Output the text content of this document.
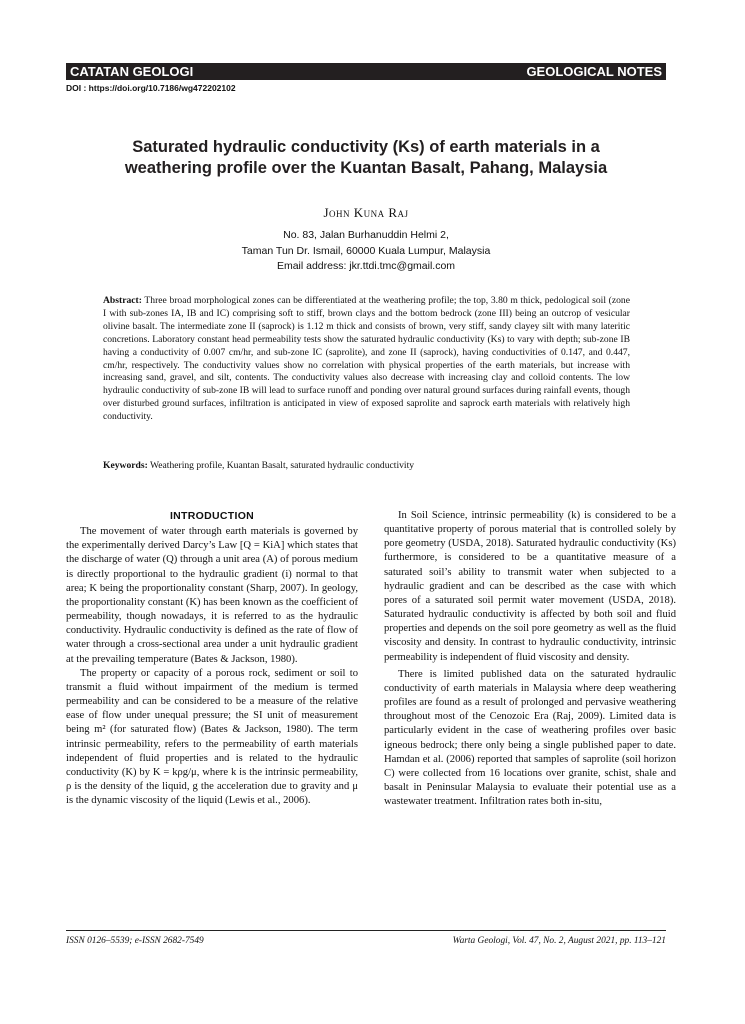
CATATAN GEOLOGI	GEOLOGICAL NOTES
DOI : https://doi.org/10.7186/wg472202102
Saturated hydraulic conductivity (Ks) of earth materials in a
weathering profile over the Kuantan Basalt, Pahang, Malaysia
John Kuna Raj
No. 83, Jalan Burhanuddin Helmi 2,
Taman Tun Dr. Ismail, 60000 Kuala Lumpur, Malaysia
Email address: jkr.ttdi.tmc@gmail.com
Abstract: Three broad morphological zones can be differentiated at the weathering profile; the top, 3.80 m thick, pedological soil (zone I with sub-zones IA, IB and IC) comprising soft to stiff, brown clays and the bottom bedrock (zone III) being an outcrop of vesicular olivine basalt. The intermediate zone II (saprock) is 1.12 m thick and consists of brown, very stiff, sandy clayey silt with many lateritic concretions. Laboratory constant head permeability tests show the saturated hydraulic conductivity (Ks) to vary with depth; sub-zone IB having a conductivity of 0.007 cm/hr, and sub-zone IC (saprolite), and zone II (saprock), having conductivities of 0.147, and 0.447, cm/hr, respectively. The conductivity values show no correlation with physical properties of the earth materials, but increase with increasing sand, gravel, and silt, contents. The conductivity values also decrease with increasing clay and colloid contents. The low hydraulic conductivity of sub-zone IB will lead to surface runoff and ponding over natural ground surfaces during rainfall events, though over disturbed ground surfaces, infiltration is anticipated in view of exposed saprolite and saprock earth materials with relatively high conductivity.
Keywords: Weathering profile, Kuantan Basalt, saturated hydraulic conductivity
INTRODUCTION

The movement of water through earth materials is governed by the experimentally derived Darcy’s Law [Q = KiA] which states that the discharge of water (Q) through a unit area (A) of porous medium is directly proportional to the hydraulic gradient (i) normal to that area; K being the proportionality constant (Sharp, 2007). In geology, the proportionality constant (K) has been known as the coefficient of permeability, though nowadays, it is referred to as the hydraulic conductivity. Hydraulic conductivity is defined as the rate of flow of water through a cross-sectional area under a unit hydraulic gradient at the prevailing temperature (Bates & Jackson, 1980).

The property or capacity of a porous rock, sediment or soil to transmit a fluid without impairment of the medium is termed permeability and can be considered to be a measure of the relative ease of flow under unequal pressure; the SI unit of measurement being m² (for saturated flow) (Bates & Jackson, 1980). The term intrinsic permeability, refers to the permeability of earth materials independent of fluid properties and is related to the hydraulic conductivity (K) by K = kρg/μ, where k is the intrinsic permeability, ρ is the density of the liquid, g the acceleration due to gravity and μ is the dynamic viscosity of the liquid (Lewis et al., 2006).

In Soil Science, intrinsic permeability (k) is considered to be a quantitative property of porous material that is controlled solely by pore geometry (USDA, 2018). Saturated hydraulic conductivity (Ks) furthermore, is considered to be a quantitative measure of a saturated soil’s ability to transmit water when subjected to a hydraulic gradient and can be described as the case with which pores of a saturated soil permit water movement (USDA, 2018). Saturated hydraulic conductivity is affected by both soil and fluid properties and depends on the soil pore geometry as well as the fluid viscosity and density. In contrast to hydraulic conductivity, intrinsic permeability is independent of fluid viscosity and density.

There is limited published data on the saturated hydraulic conductivity of earth materials in Malaysia where deep weathering profiles are found as a result of prolonged and pervasive weathering throughout most of the Cenozoic Era (Raj, 2009). Limited data is particularly evident in the case of weathering profiles over basic igneous bedrock; there only being a single published paper to date. Hamdan et al. (2006) reported that samples of saprolite (soil horizon C) were collected from 16 locations over granite, schist, shale and basalt in Peninsular Malaysia to evaluate their potential use as a wastewater treatment. Infiltration rates both in-situ,

ISSN 0126–5539; e-ISSN 2682-7549	Warta Geologi, Vol. 47, No. 2, August 2021, pp. 113–121
